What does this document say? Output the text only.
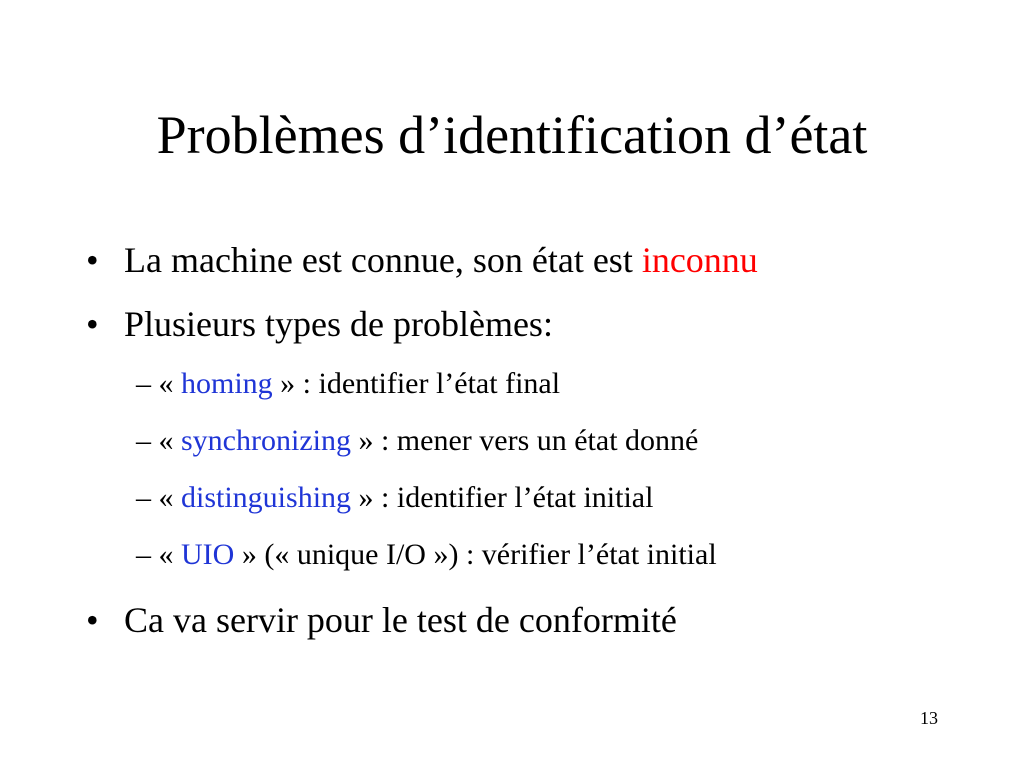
Problèmes d’identification d’état
• La machine est connue, son état est inconnu
• Plusieurs types de problèmes:
– « homing » : identifier l’état final
– « synchronizing » : mener vers un état donné
– « distinguishing » : identifier l’état initial
– « UIO » (« unique I/O ») : vérifier l’état initial
• Ca va servir pour le test de conformité
13
